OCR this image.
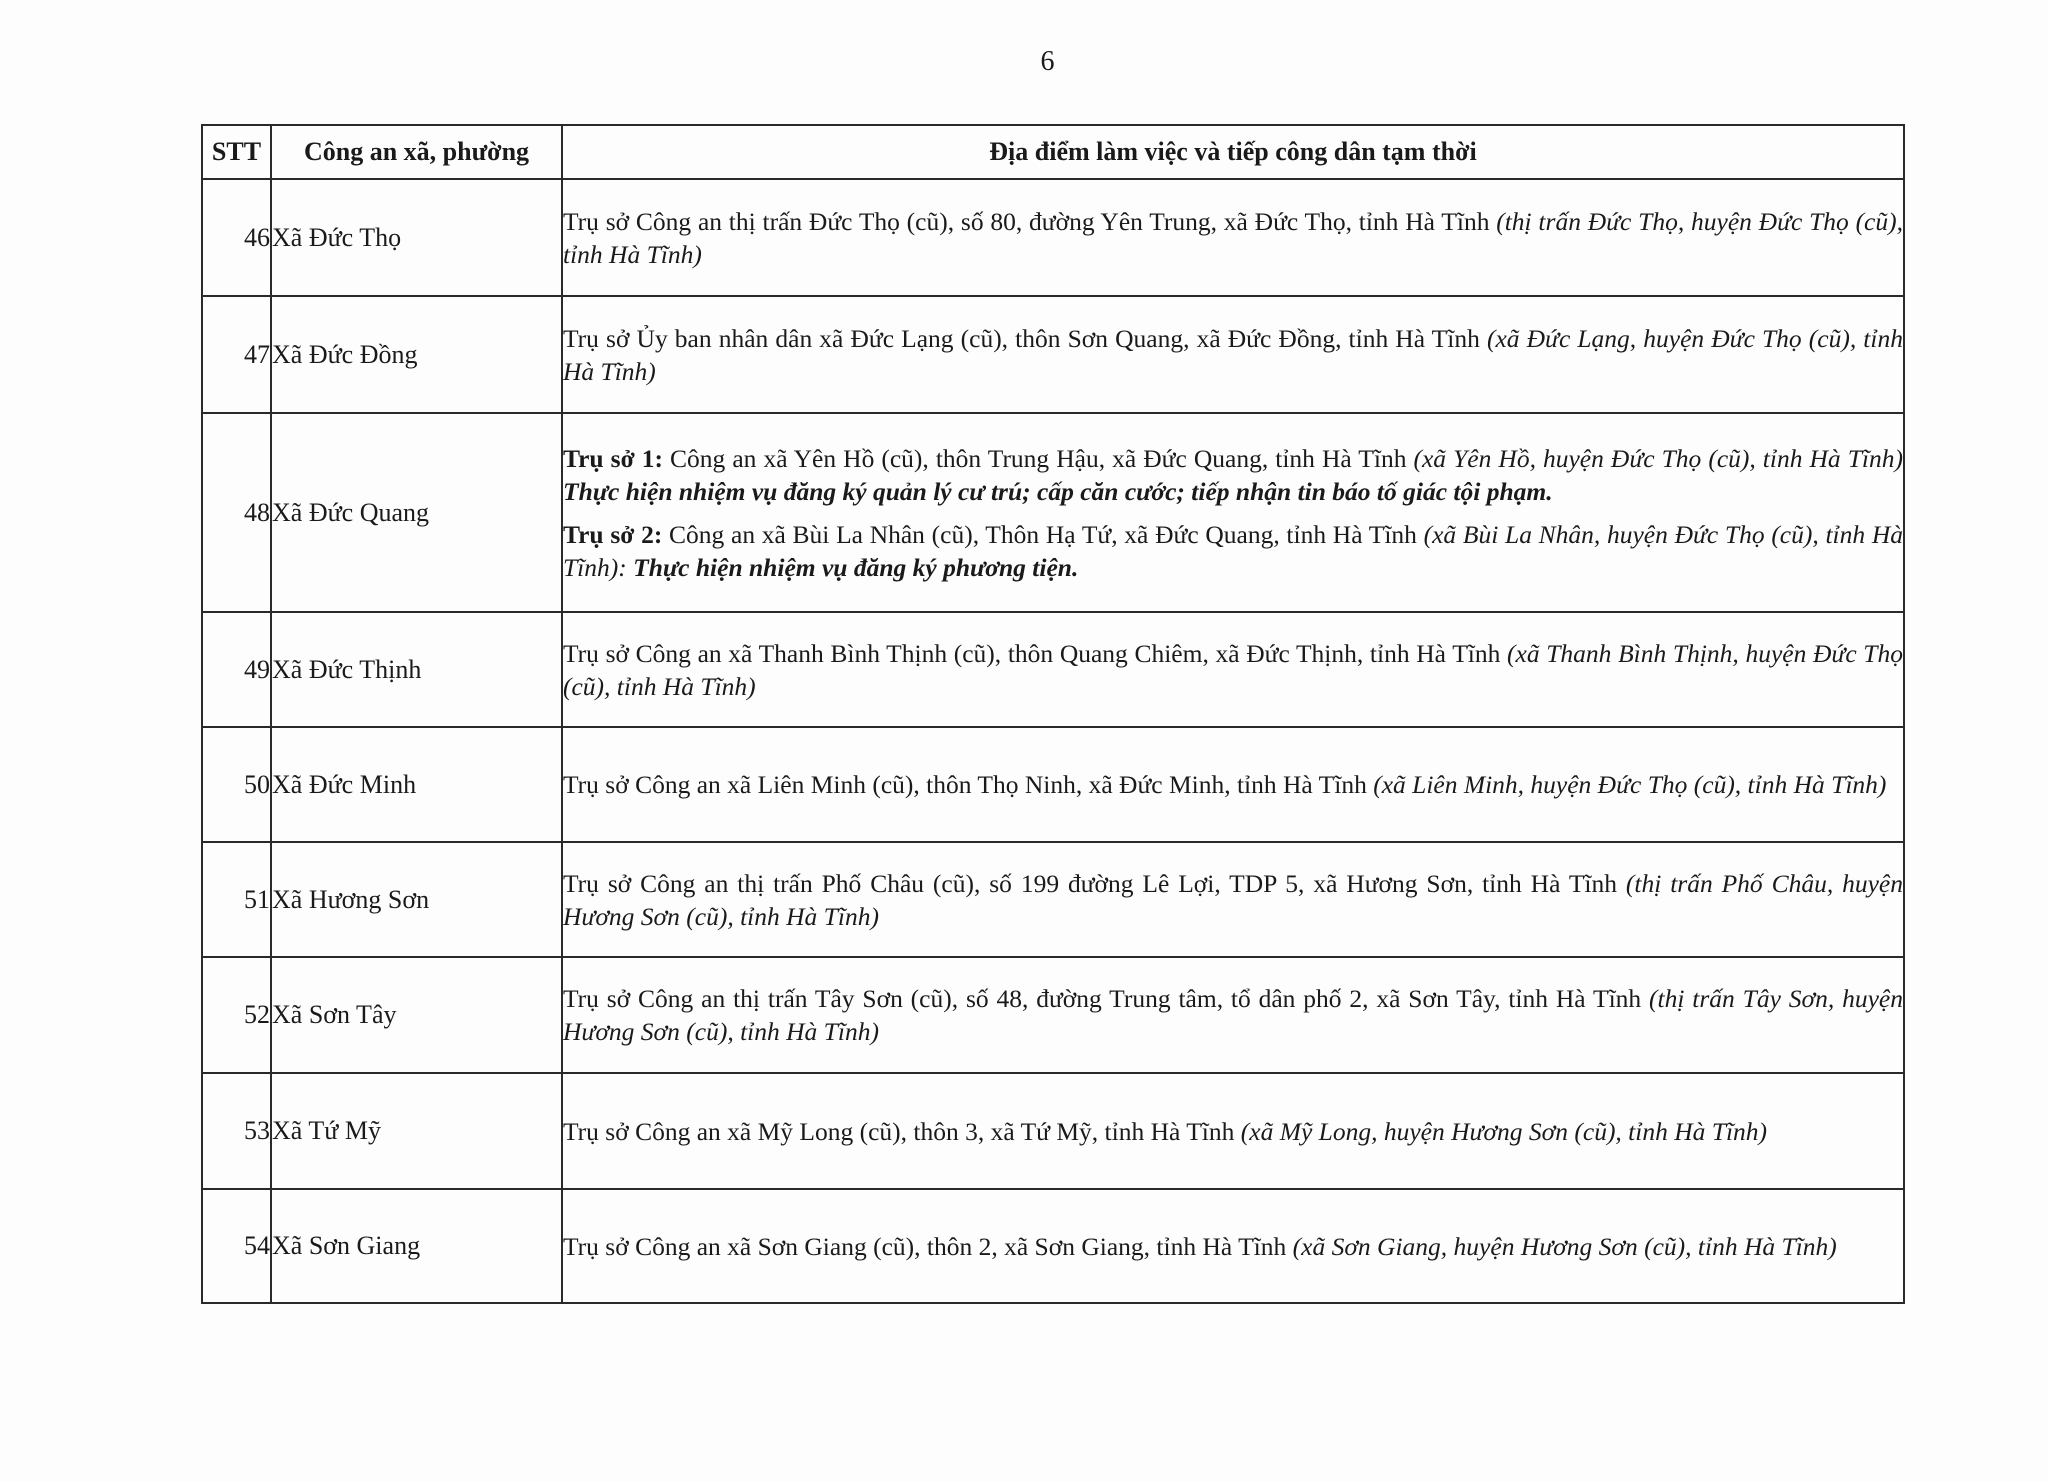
6
STT	Công an xã, phường	Địa điểm làm việc và tiếp công dân tạm thời
46	Xã Đức Thọ	Trụ sở Công an thị trấn Đức Thọ (cũ), số 80, đường Yên Trung, xã Đức Thọ, tỉnh Hà Tĩnh (thị trấn Đức Thọ, huyện Đức Thọ (cũ), tỉnh Hà Tĩnh)

47	Xã Đức Đồng	Trụ sở Ủy ban nhân dân xã Đức Lạng (cũ), thôn Sơn Quang, xã Đức Đồng, tỉnh Hà Tĩnh (xã Đức Lạng, huyện Đức Thọ (cũ), tỉnh Hà Tĩnh)

48	Xã Đức Quang	Trụ sở 1: Công an xã Yên Hồ (cũ), thôn Trung Hậu, xã Đức Quang, tỉnh Hà Tĩnh (xã Yên Hồ, huyện Đức Thọ (cũ), tỉnh Hà Tĩnh) Thực hiện nhiệm vụ đăng ký quản lý cư trú; cấp căn cước; tiếp nhận tin báo tố giác tội phạm.

Trụ sở 2: Công an xã Bùi La Nhân (cũ), Thôn Hạ Tứ, xã Đức Quang, tỉnh Hà Tĩnh (xã Bùi La Nhân, huyện Đức Thọ (cũ), tỉnh Hà Tĩnh): Thực hiện nhiệm vụ đăng ký phương tiện.

49	Xã Đức Thịnh	Trụ sở Công an xã Thanh Bình Thịnh (cũ), thôn Quang Chiêm, xã Đức Thịnh, tỉnh Hà Tĩnh (xã Thanh Bình Thịnh, huyện Đức Thọ (cũ), tỉnh Hà Tĩnh)

50	Xã Đức Minh	Trụ sở Công an xã Liên Minh (cũ), thôn Thọ Ninh, xã Đức Minh, tỉnh Hà Tĩnh (xã Liên Minh, huyện Đức Thọ (cũ), tỉnh Hà Tĩnh)

51	Xã Hương Sơn	Trụ sở Công an thị trấn Phố Châu (cũ), số 199 đường Lê Lợi, TDP 5, xã Hương Sơn, tỉnh Hà Tĩnh (thị trấn Phố Châu, huyện Hương Sơn (cũ), tỉnh Hà Tĩnh)

52	Xã Sơn Tây	Trụ sở Công an thị trấn Tây Sơn (cũ), số 48, đường Trung tâm, tổ dân phố 2, xã Sơn Tây, tỉnh Hà Tĩnh (thị trấn Tây Sơn, huyện Hương Sơn (cũ), tỉnh Hà Tĩnh)

53	Xã Tứ Mỹ	Trụ sở Công an xã Mỹ Long (cũ), thôn 3, xã Tứ Mỹ, tỉnh Hà Tĩnh (xã Mỹ Long, huyện Hương Sơn (cũ), tỉnh Hà Tĩnh)

54	Xã Sơn Giang	Trụ sở Công an xã Sơn Giang (cũ), thôn 2, xã Sơn Giang, tỉnh Hà Tĩnh (xã Sơn Giang, huyện Hương Sơn (cũ), tỉnh Hà Tĩnh)
